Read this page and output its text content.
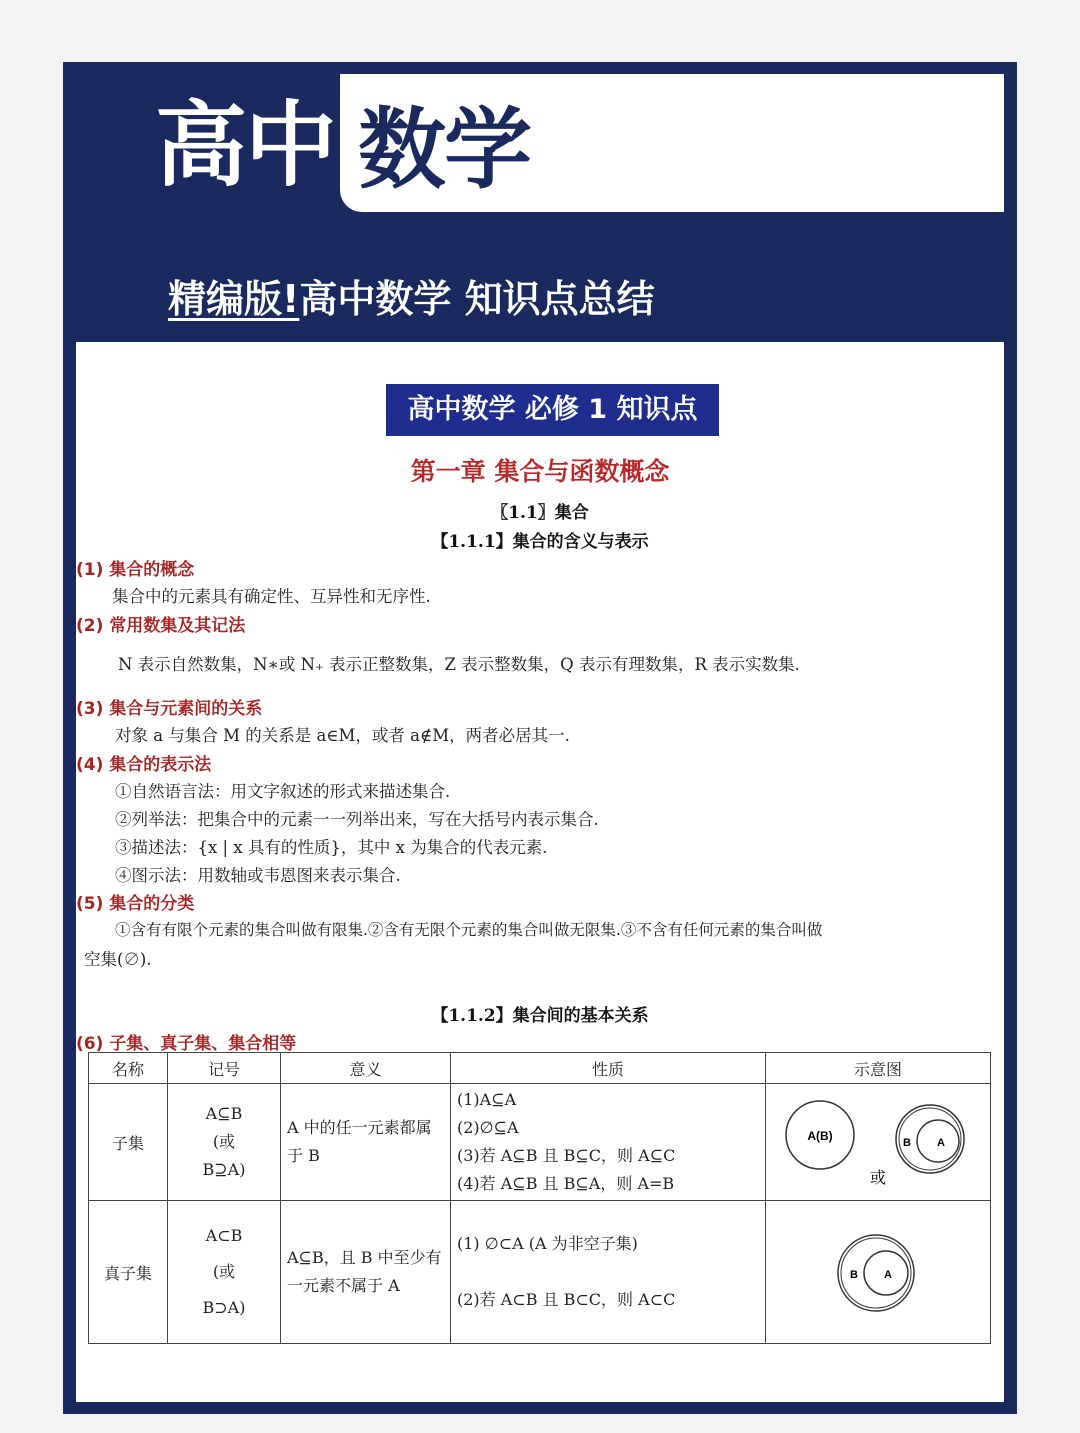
高中 数学
精编版!高中数学 知识点总结
高中数学 必修 1 知识点
第一章 集合与函数概念
〖1.1〗集合
【1.1.1】集合的含义与表示
(1) 集合的概念
集合中的元素具有确定性、互异性和无序性.
(2) 常用数集及其记法
N 表示自然数集，N∗或 N₊ 表示正整数集，Z 表示整数集，Q 表示有理数集，R 表示实数集.
(3) 集合与元素间的关系
对象 a 与集合 M 的关系是 a∈M，或者 a∉M，两者必居其一.
(4) 集合的表示法
①自然语言法：用文字叙述的形式来描述集合.
②列举法：把集合中的元素一一列举出来，写在大括号内表示集合.
③描述法：{x | x 具有的性质}，其中 x 为集合的代表元素.
④图示法：用数轴或韦恩图来表示集合.
(5) 集合的分类
①含有有限个元素的集合叫做有限集.②含有无限个元素的集合叫做无限集.③不含有任何元素的集合叫做
空集(∅).
【1.1.2】集合间的基本关系
(6) 子集、真子集、集合相等
名称	记号	意义	性质	示意图
子集	A⊆B
(或
B⊇A)	A 中的任一元素都属于 B	(1)A⊆A
(2)∅⊆A
(3)若 A⊆B 且 B⊆C，则 A⊆C
(4)若 A⊆B 且 B⊆A，则 A=B	A(B) B A
或

真子集	A⊂B
(或
B⊃A)	A⊆B，且 B 中至少有一元素不属于 A	(1) ∅⊂A (A 为非空子集)
(2)若 A⊂B 且 B⊂C，则 A⊂C	B A
